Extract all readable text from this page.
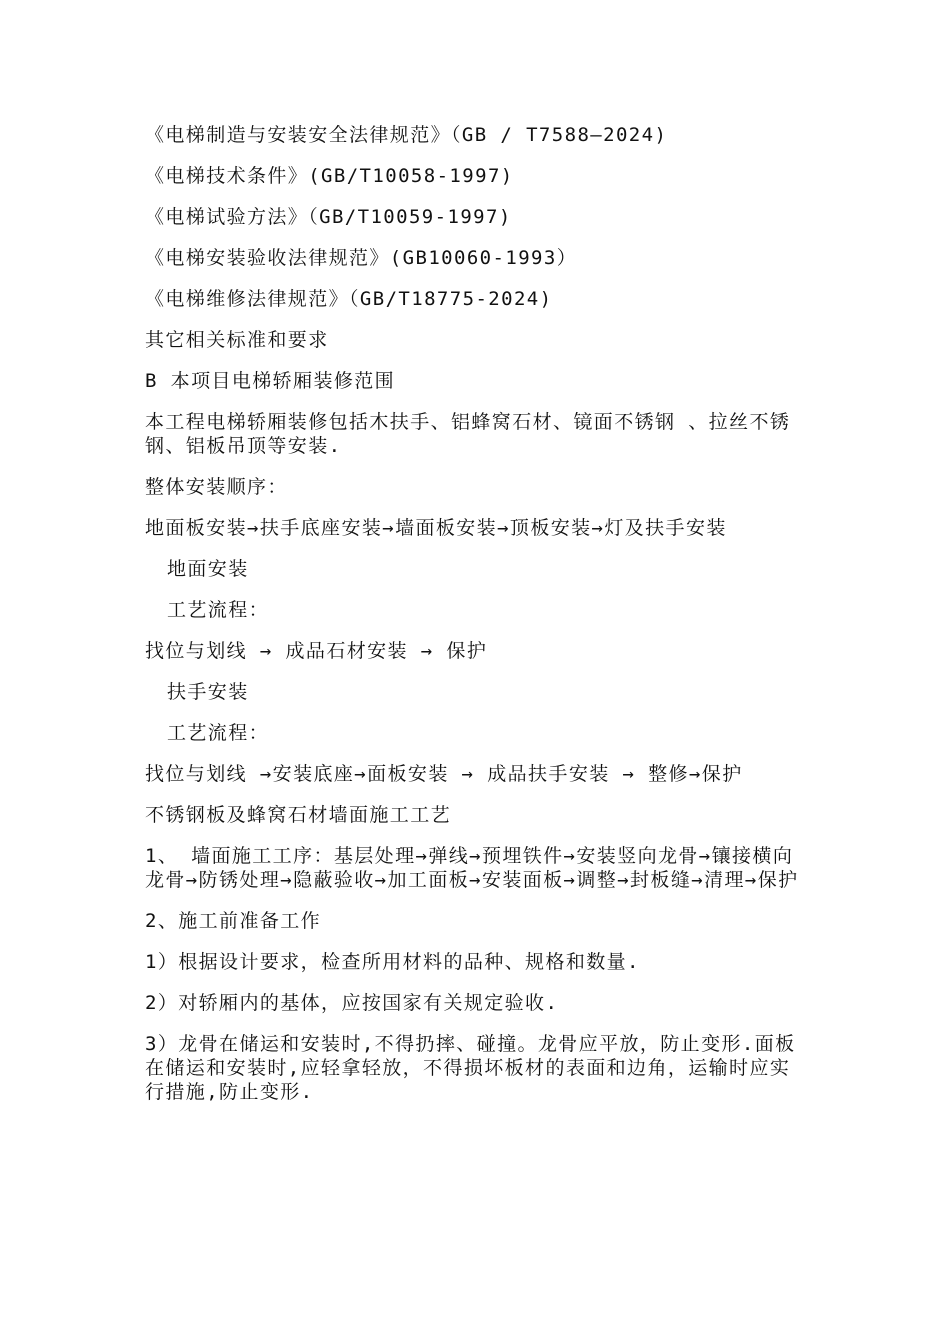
《电梯制造与安装安全法律规范》（GB / T7588—2024)

《电梯技术条件》(GB/T10058-1997)

《电梯试验方法》（GB/T10059-1997)

《电梯安装验收法律规范》(GB10060-1993）

《电梯维修法律规范》（GB/T18775-2024)

其它相关标准和要求

B 本项目电梯轿厢装修范围

本工程电梯轿厢装修包括木扶手、铝蜂窝石材、镜面不锈钢 、拉丝不锈钢、铝板吊顶等安装.

整体安装顺序：

地面板安装→扶手底座安装→墙面板安装→顶板安装→灯及扶手安装

地面安装

工艺流程：

找位与划线 → 成品石材安装 → 保护

扶手安装

工艺流程：

找位与划线 →安装底座→面板安装 → 成品扶手安装 → 整修→保护

不锈钢板及蜂窝石材墙面施工工艺

1、 墙面施工工序：基层处理→弹线→预埋铁件→安装竖向龙骨→镶接横向龙骨→防锈处理→隐蔽验收→加工面板→安装面板→调整→封板缝→清理→保护

2、施工前准备工作

1）根据设计要求，检查所用材料的品种、规格和数量.

2）对轿厢内的基体，应按国家有关规定验收.

3）龙骨在储运和安装时,不得扔摔、碰撞。龙骨应平放，防止变形.面板在储运和安装时,应轻拿轻放，不得损坏板材的表面和边角，运输时应实行措施,防止变形.
